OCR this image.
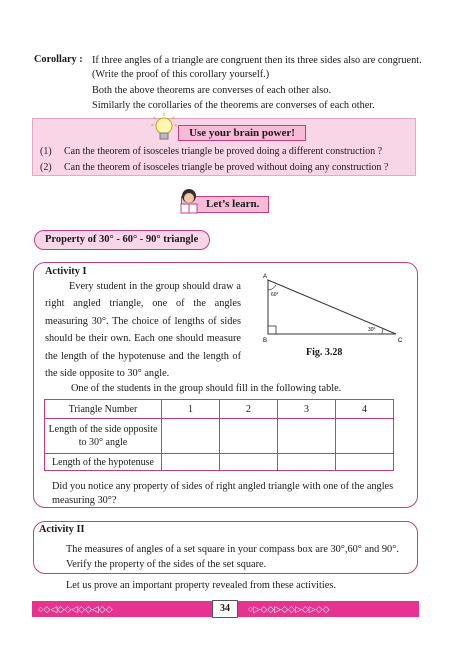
Corollary : If three angles of a triangle are congruent then its three sides also are congruent.
(Write the proof of this corollary yourself.)
Both the above theorems are converses of each other also.
Similarly the corollaries of the theorems are converses of each other.
Use your brain power!
(1) Can the theorem of isosceles triangle be proved doing a different construction ?
(2) Can the theorem of isosceles triangle be proved without doing any construction ?
Let’s learn.
Property of 30° - 60° - 90° triangle
Activity I
Every student in the group should draw a right angled triangle, one of the angles measuring 30°. The choice of lengths of sides should be their own. Each one should measure the length of the hypotenuse and the length of the side opposite to 30° angle.
A
B	C
60°
30°
Fig. 3.28
One of the students in the group should fill in the following table.
Triangle Number	1	2	3	4
Length of the side opposite to 30° angle				
Length of the hypotenuse				
Did you notice any property of sides of right angled triangle with one of the angles measuring 30°?
Activity II
The measures of angles of a set square in your compass box are 30°,60° and 90°.
Verify the property of the sides of the set square.
Let us prove an important property revealed from these activities.
○◇◁◇◇◁◇◇◁◇◇	○▷◇◇▷◇◇▷◇▷◇◇
34
